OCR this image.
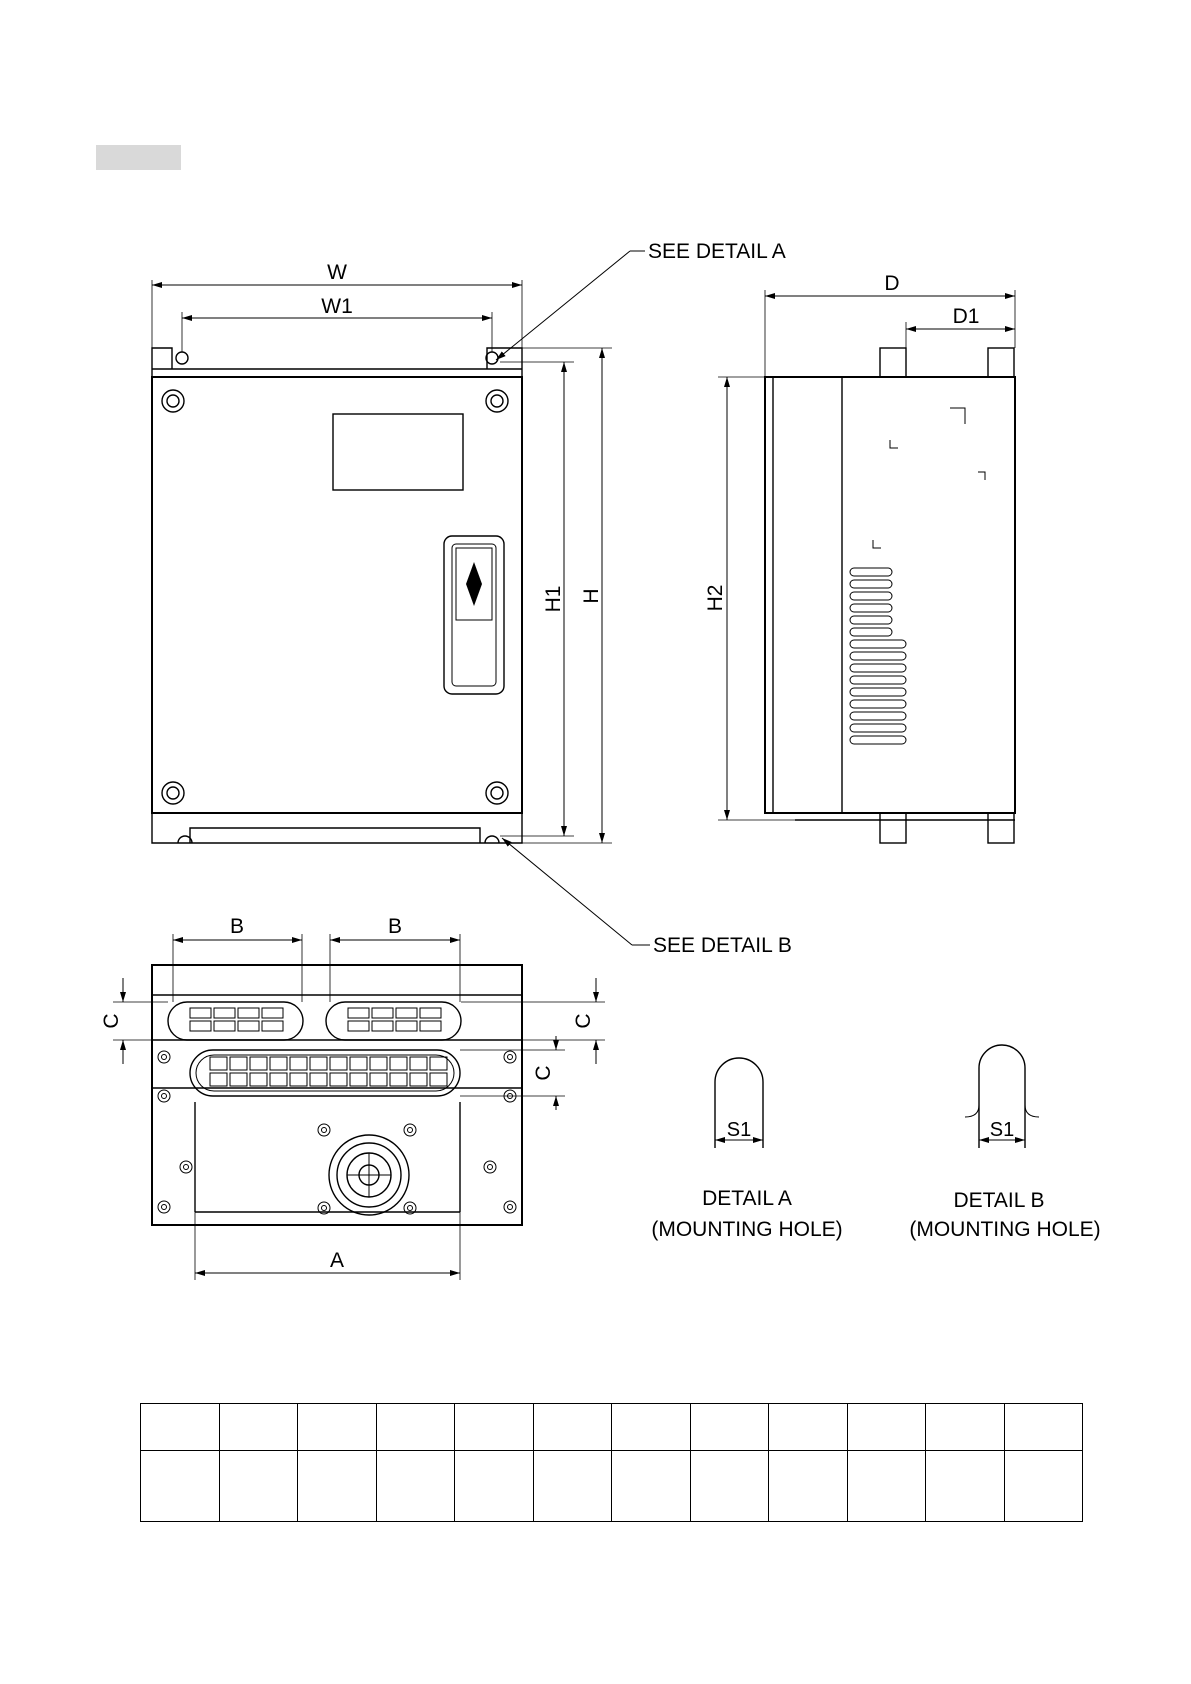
W
W1
H1 H
SEE DETAIL A
SEE DETAIL B
D
D1
H2
B	B
C	C
C
A
S1
DETAIL A
(MOUNTING HOLE)
S1
DETAIL B
(MOUNTING HOLE)
